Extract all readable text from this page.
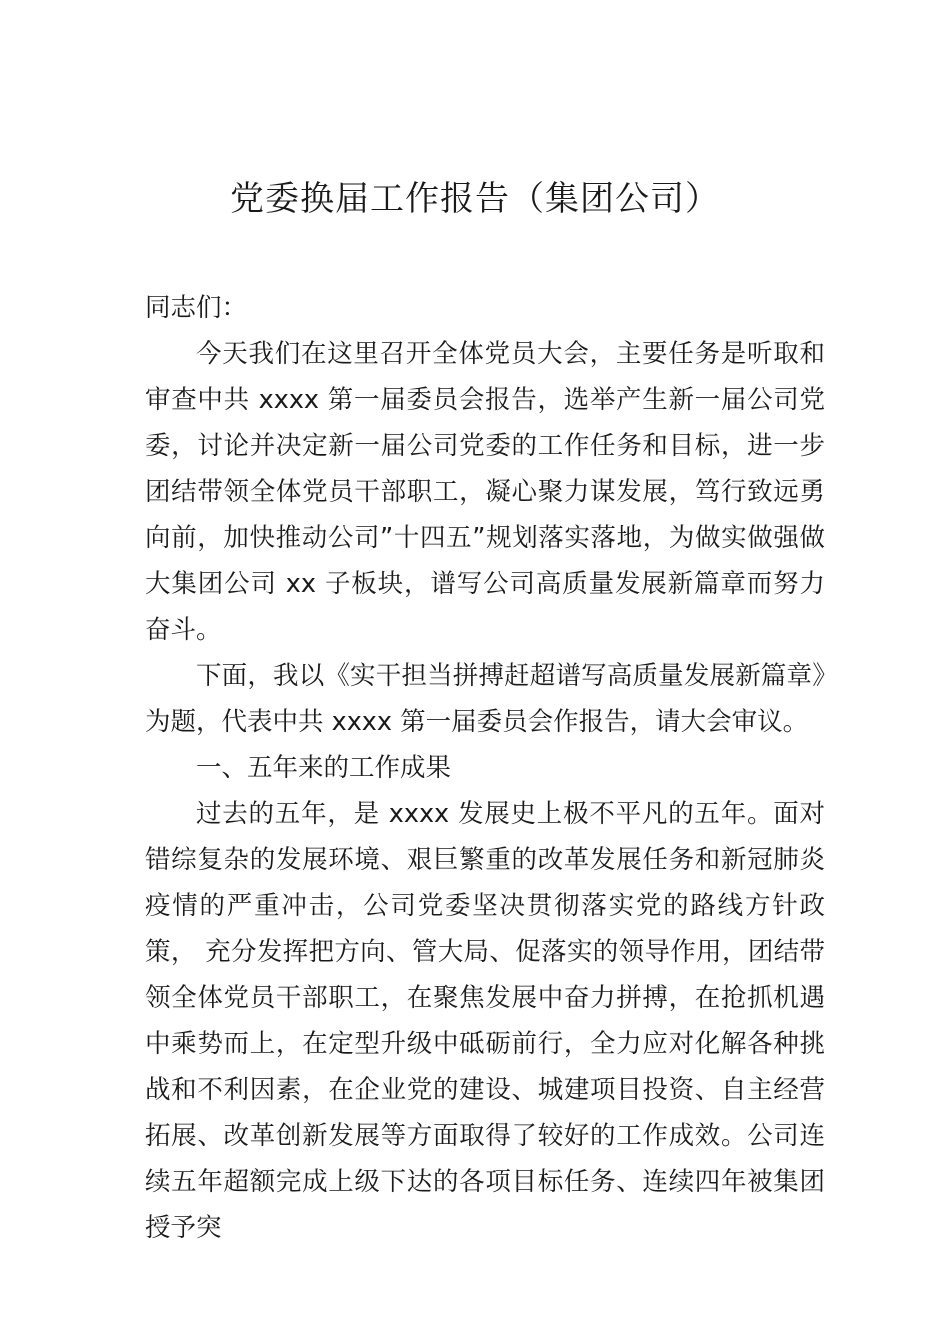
党委换届工作报告（集团公司）

同志们：

今天我们在这里召开全体党员大会，主要任务是听取和审查中共 xxxx 第一届委员会报告，选举产生新一届公司党委，讨论并决定新一届公司党委的工作任务和目标，进一步团结带领全体党员干部职工，凝心聚力谋发展，笃行致远勇向前，加快推动公司”十四五”规划落实落地，为做实做强做大集团公司 xx 子板块，谱写公司高质量发展新篇章而努力奋斗。

下面，我以《实干担当拼搏赶超谱写高质量发展新篇章》为题，代表中共 xxxx 第一届委员会作报告，请大会审议。

一、五年来的工作成果

过去的五年，是 xxxx 发展史上极不平凡的五年。面对错综复杂的发展环境、艰巨繁重的改革发展任务和新冠肺炎疫情的严重冲击，公司党委坚决贯彻落实党的路线方针政策， 充分发挥把方向、管大局、促落实的领导作用，团结带领全体党员干部职工，在聚焦发展中奋力拼搏，在抢抓机遇中乘势而上，在定型升级中砥砺前行，全力应对化解各种挑战和不利因素，在企业党的建设、城建项目投资、自主经营拓展、改革创新发展等方面取得了较好的工作成效。公司连续五年超额完成上级下达的各项目标任务、连续四年被集团授予突
